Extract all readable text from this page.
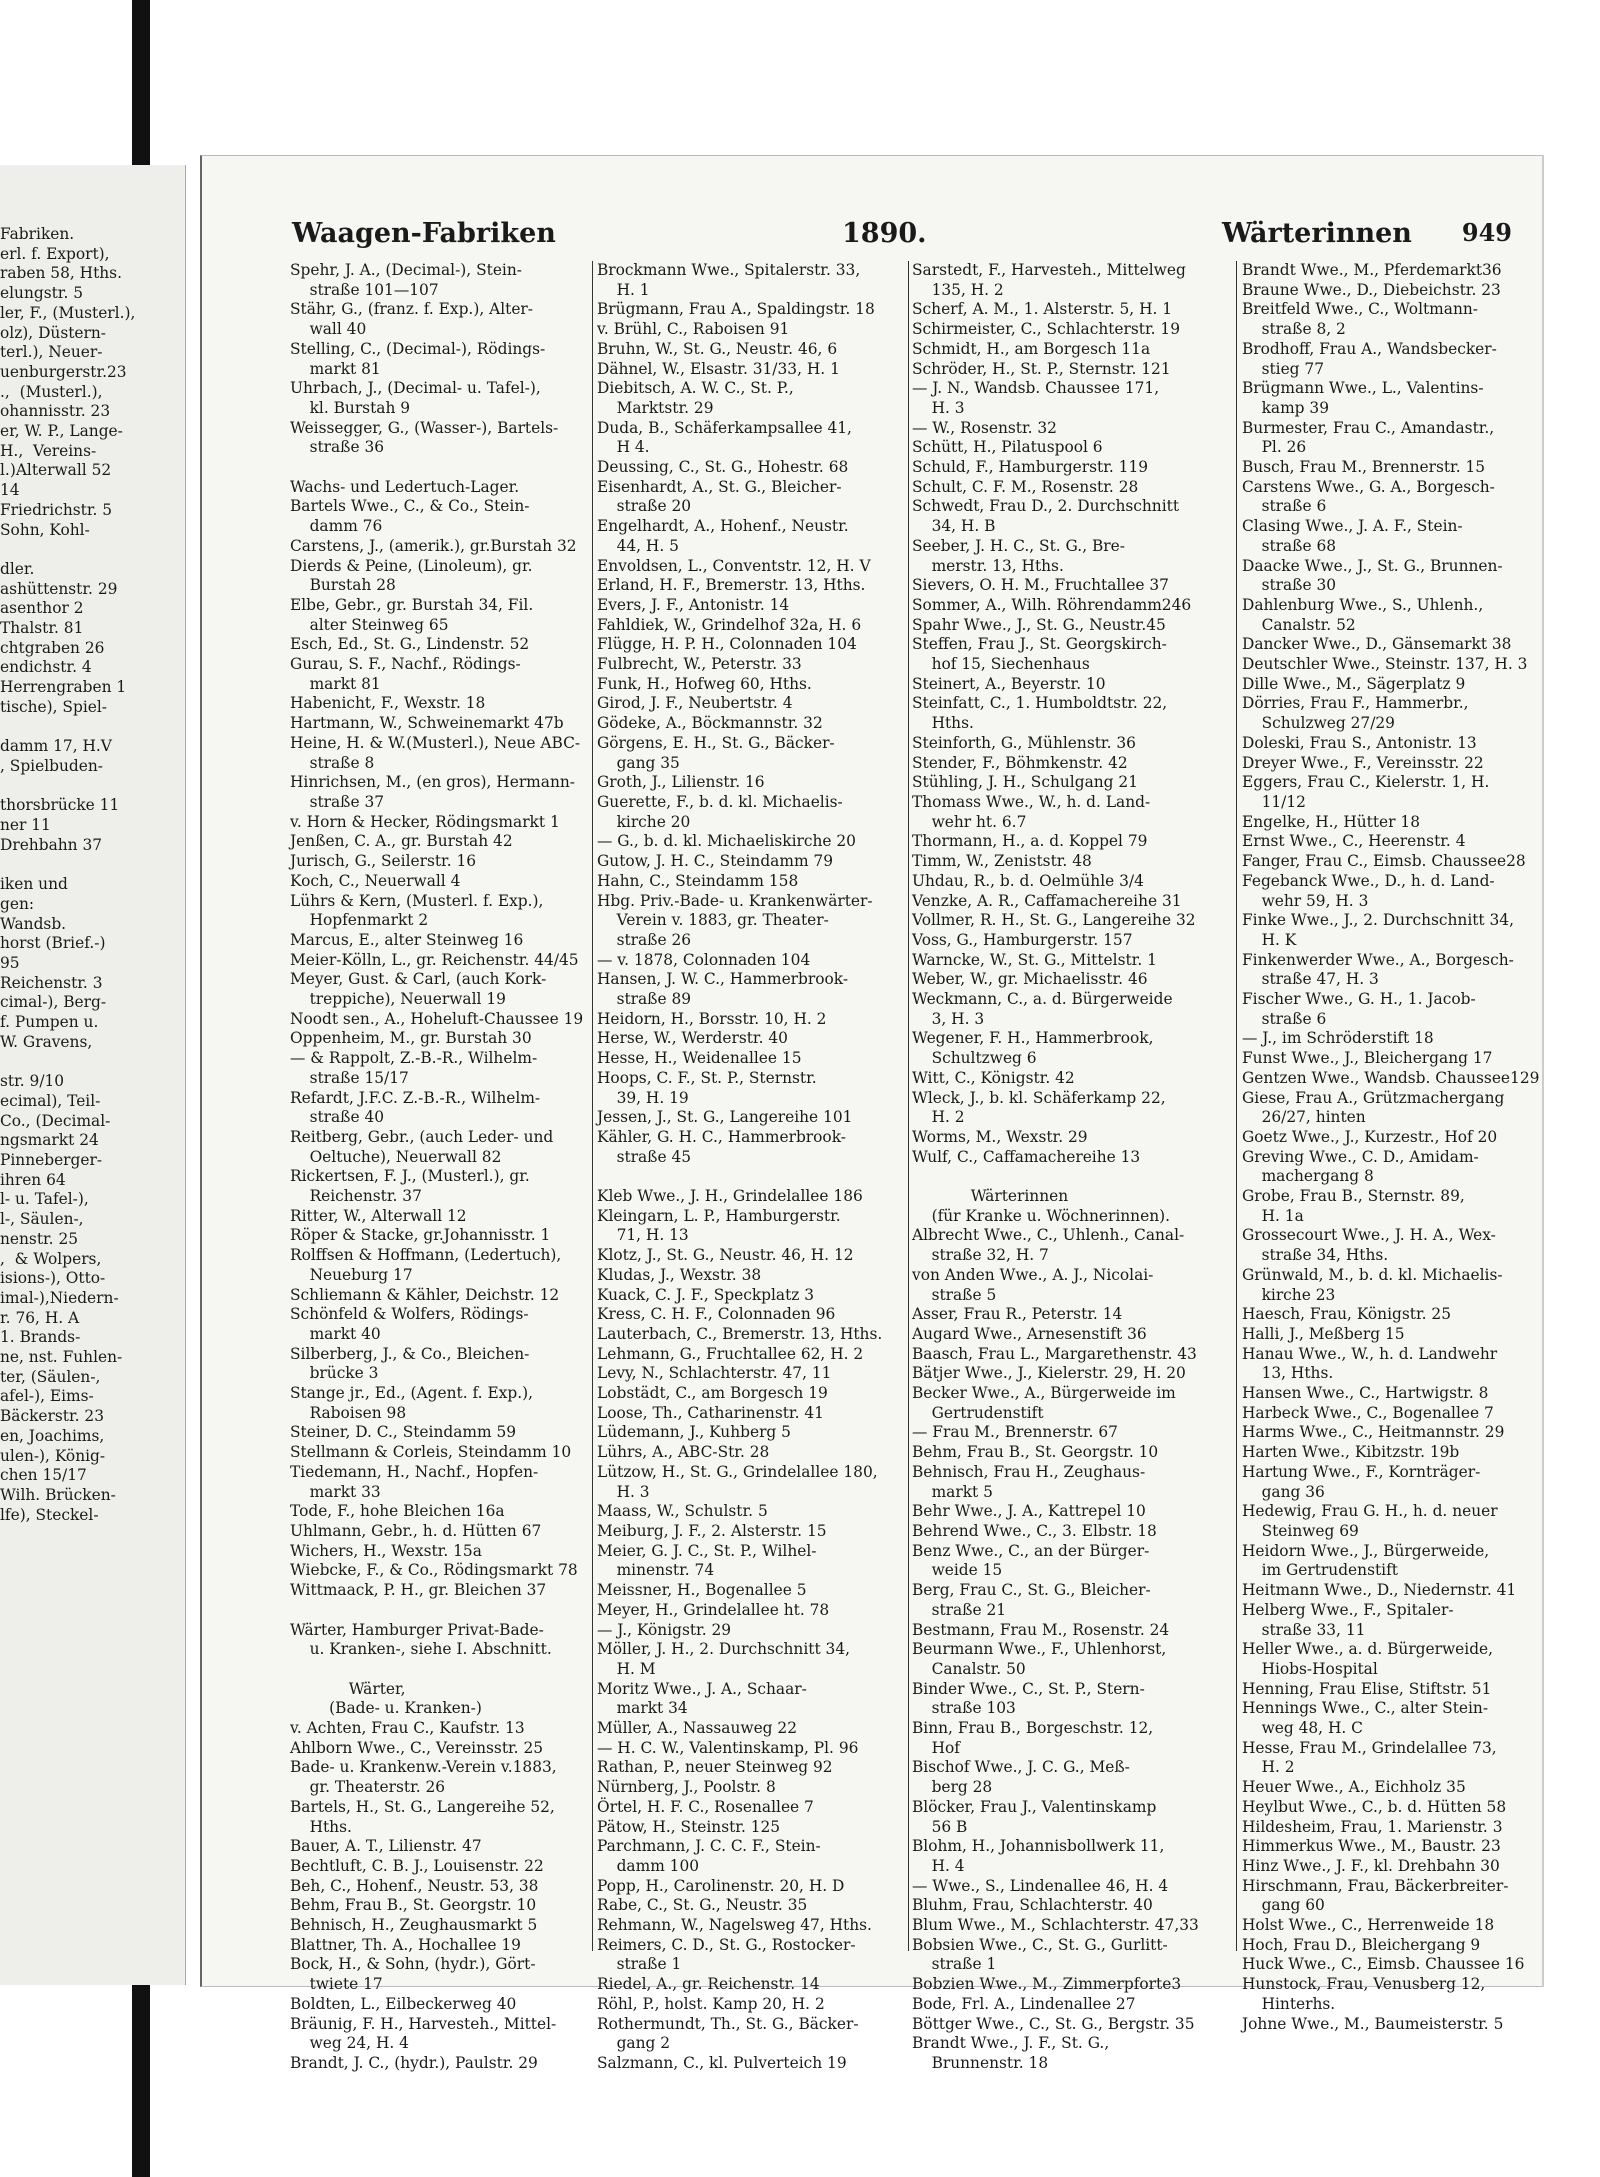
Fabriken.
erl. f. Export),
raben 58, Hths.
elungstr. 5
ler, F., (Musterl.),
olz), Düstern-
terl.), Neuer-
uenburgerstr.23
.,  (Musterl.),
ohannisstr. 23
er, W. P., Lange-
H.,  Vereins-
l.)Alterwall 52
14
Friedrichstr. 5
Sohn, Kohl-

dler.
ashüttenstr. 29
asenthor 2
Thalstr. 81
chtgraben 26
endichstr. 4
Herrengraben 1
tische), Spiel-

damm 17, H.V
, Spielbuden-

thorsbrücke 11
ner 11
Drehbahn 37

iken und
gen:
Wandsb.
horst (Brief.-)
95
Reichenstr. 3
cimal-), Berg-
f. Pumpen u.
W. Gravens,

str. 9/10
ecimal), Teil-
Co., (Decimal-
ngsmarkt 24
Pinneberger-
ihren 64
l- u. Tafel-),
l-, Säulen-,
nenstr. 25
,  & Wolpers,
isions-), Otto-
imal-),Niedern-
r. 76, H. A
1. Brands-
ne, nst. Fuhlen-
ter, (Säulen-,
afel-), Eims-
Bäckerstr. 23
en, Joachims,
ulen-), König-
chen 15/17
Wilh. Brücken-
lfe), Steckel-
Waagen-Fabriken	1890.	Wärterinnen 949
Spehr, J. A., (Decimal-), Stein-
straße 101—107
Stähr, G., (franz. f. Exp.), Alter-
wall 40
Stelling, C., (Decimal-), Rödings-
markt 81
Uhrbach, J., (Decimal- u. Tafel-),
kl. Burstah 9
Weissegger, G., (Wasser-), Bartels-
straße 36

Wachs- und Ledertuch-Lager.
Bartels Wwe., C., & Co., Stein-
damm 76
Carstens, J., (amerik.), gr.Burstah 32
Dierds & Peine, (Linoleum), gr.
Burstah 28
Elbe, Gebr., gr. Burstah 34, Fil.
alter Steinweg 65
Esch, Ed., St. G., Lindenstr. 52
Gurau, S. F., Nachf., Rödings-
markt 81
Habenicht, F., Wexstr. 18
Hartmann, W., Schweinemarkt 47b
Heine, H. & W.(Musterl.), Neue ABC-
straße 8
Hinrichsen, M., (en gros), Hermann-
straße 37
v. Horn & Hecker, Rödingsmarkt 1
Jenßen, C. A., gr. Burstah 42
Jurisch, G., Seilerstr. 16
Koch, C., Neuerwall 4
Lührs & Kern, (Musterl. f. Exp.),
Hopfenmarkt 2
Marcus, E., alter Steinweg 16
Meier-Kölln, L., gr. Reichenstr. 44/45
Meyer, Gust. & Carl, (auch Kork-
treppiche), Neuerwall 19
Noodt sen., A., Hoheluft-Chaussee 19
Oppenheim, M., gr. Burstah 30
— & Rappolt, Z.-B.-R., Wilhelm-
straße 15/17
Refardt, J.F.C. Z.-B.-R., Wilhelm-
straße 40
Reitberg, Gebr., (auch Leder- und
Oeltuche), Neuerwall 82
Rickertsen, F. J., (Musterl.), gr.
Reichenstr. 37
Ritter, W., Alterwall 12
Röper & Stacke, gr.Johannisstr. 1
Rolffsen & Hoffmann, (Ledertuch),
Neueburg 17
Schliemann & Kähler, Deichstr. 12
Schönfeld & Wolfers, Rödings-
markt 40
Silberberg, J., & Co., Bleichen-
brücke 3
Stange jr., Ed., (Agent. f. Exp.),
Raboisen 98
Steiner, D. C., Steindamm 59
Stellmann & Corleis, Steindamm 10
Tiedemann, H., Nachf., Hopfen-
markt 33
Tode, F., hohe Bleichen 16a
Uhlmann, Gebr., h. d. Hütten 67
Wichers, H., Wexstr. 15a
Wiebcke, F., & Co., Rödingsmarkt 78
Wittmaack, P. H., gr. Bleichen 37

Wärter, Hamburger Privat-Bade-
u. Kranken-, siehe I. Abschnitt.

Wärter,
(Bade- u. Kranken-)
v. Achten, Frau C., Kaufstr. 13
Ahlborn Wwe., C., Vereinsstr. 25
Bade- u. Krankenw.-Verein v.1883,
gr. Theaterstr. 26
Bartels, H., St. G., Langereihe 52,
Hths.
Bauer, A. T., Lilienstr. 47
Bechtluft, C. B. J., Louisenstr. 22
Beh, C., Hohenf., Neustr. 53, 38
Behm, Frau B., St. Georgstr. 10
Behnisch, H., Zeughausmarkt 5
Blattner, Th. A., Hochallee 19
Bock, H., & Sohn, (hydr.), Gört-
twiete 17
Boldten, L., Eilbeckerweg 40
Bräunig, F. H., Harvesteh., Mittel-
weg 24, H. 4
Brandt, J. C., (hydr.), Paulstr. 29
Brockmann Wwe., Spitalerstr. 33,
H. 1
Brügmann, Frau A., Spaldingstr. 18
v. Brühl, C., Raboisen 91
Bruhn, W., St. G., Neustr. 46, 6
Dähnel, W., Elsastr. 31/33, H. 1
Diebitsch, A. W. C., St. P.,
Marktstr. 29
Duda, B., Schäferkampsallee 41,
H 4.
Deussing, C., St. G., Hohestr. 68
Eisenhardt, A., St. G., Bleicher-
straße 20
Engelhardt, A., Hohenf., Neustr.
44, H. 5
Envoldsen, L., Conventstr. 12, H. V
Erland, H. F., Bremerstr. 13, Hths.
Evers, J. F., Antonistr. 14
Fahldiek, W., Grindelhof 32a, H. 6
Flügge, H. P. H., Colonnaden 104
Fulbrecht, W., Peterstr. 33
Funk, H., Hofweg 60, Hths.
Girod, J. F., Neubertstr. 4
Gödeke, A., Böckmannstr. 32
Görgens, E. H., St. G., Bäcker-
gang 35
Groth, J., Lilienstr. 16
Guerette, F., b. d. kl. Michaelis-
kirche 20
— G., b. d. kl. Michaeliskirche 20
Gutow, J. H. C., Steindamm 79
Hahn, C., Steindamm 158
Hbg. Priv.-Bade- u. Krankenwärter-
Verein v. 1883, gr. Theater-
straße 26
— v. 1878, Colonnaden 104
Hansen, J. W. C., Hammerbrook-
straße 89
Heidorn, H., Borsstr. 10, H. 2
Herse, W., Werderstr. 40
Hesse, H., Weidenallee 15
Hoops, C. F., St. P., Sternstr.
39, H. 19
Jessen, J., St. G., Langereihe 101
Kähler, G. H. C., Hammerbrook-
straße 45

Kleb Wwe., J. H., Grindelallee 186
Kleingarn, L. P., Hamburgerstr.
71, H. 13
Klotz, J., St. G., Neustr. 46, H. 12
Kludas, J., Wexstr. 38
Kuack, C. J. F., Speckplatz 3
Kress, C. H. F., Colonnaden 96
Lauterbach, C., Bremerstr. 13, Hths.
Lehmann, G., Fruchtallee 62, H. 2
Levy, N., Schlachterstr. 47, 11
Lobstädt, C., am Borgesch 19
Loose, Th., Catharinenstr. 41
Lüdemann, J., Kuhberg 5
Lührs, A., ABC-Str. 28
Lützow, H., St. G., Grindelallee 180,
H. 3
Maass, W., Schulstr. 5
Meiburg, J. F., 2. Alsterstr. 15
Meier, G. J. C., St. P., Wilhel-
minenstr. 74
Meissner, H., Bogenallee 5
Meyer, H., Grindelallee ht. 78
— J., Königstr. 29
Möller, J. H., 2. Durchschnitt 34,
H. M
Moritz Wwe., J. A., Schaar-
markt 34
Müller, A., Nassauweg 22
— H. C. W., Valentinskamp, Pl. 96
Rathan, P., neuer Steinweg 92
Nürnberg, J., Poolstr. 8
Örtel, H. F. C., Rosenallee 7
Pätow, H., Steinstr. 125
Parchmann, J. C. C. F., Stein-
damm 100
Popp, H., Carolinenstr. 20, H. D
Rabe, C., St. G., Neustr. 35
Rehmann, W., Nagelsweg 47, Hths.
Reimers, C. D., St. G., Rostocker-
straße 1
Riedel, A., gr. Reichenstr. 14
Röhl, P., holst. Kamp 20, H. 2
Rothermundt, Th., St. G., Bäcker-
gang 2
Salzmann, C., kl. Pulverteich 19
Sarstedt, F., Harvesteh., Mittelweg
135, H. 2
Scherf, A. M., 1. Alsterstr. 5, H. 1
Schirmeister, C., Schlachterstr. 19
Schmidt, H., am Borgesch 11a
Schröder, H., St. P., Sternstr. 121
— J. N., Wandsb. Chaussee 171,
H. 3
— W., Rosenstr. 32
Schütt, H., Pilatuspool 6
Schuld, F., Hamburgerstr. 119
Schult, C. F. M., Rosenstr. 28
Schwedt, Frau D., 2. Durchschnitt
34, H. B
Seeber, J. H. C., St. G., Bre-
merstr. 13, Hths.
Sievers, O. H. M., Fruchtallee 37
Sommer, A., Wilh. Röhrendamm246
Spahr Wwe., J., St. G., Neustr.45
Steffen, Frau J., St. Georgskirch-
hof 15, Siechenhaus
Steinert, A., Beyerstr. 10
Steinfatt, C., 1. Humboldtstr. 22,
Hths.
Steinforth, G., Mühlenstr. 36
Stender, F., Böhmkenstr. 42
Stühling, J. H., Schulgang 21
Thomass Wwe., W., h. d. Land-
wehr ht. 6.7
Thormann, H., a. d. Koppel 79
Timm, W., Zeniststr. 48
Uhdau, R., b. d. Oelmühle 3/4
Venzke, A. R., Caffamachereihe 31
Vollmer, R. H., St. G., Langereihe 32
Voss, G., Hamburgerstr. 157
Warncke, W., St. G., Mittelstr. 1
Weber, W., gr. Michaelisstr. 46
Weckmann, C., a. d. Bürgerweide
3, H. 3
Wegener, F. H., Hammerbrook,
Schultzweg 6
Witt, C., Königstr. 42
Wleck, J., b. kl. Schäferkamp 22,
H. 2
Worms, M., Wexstr. 29
Wulf, C., Caffamachereihe 13

Wärterinnen
(für Kranke u. Wöchnerinnen).
Albrecht Wwe., C., Uhlenh., Canal-
straße 32, H. 7
von Anden Wwe., A. J., Nicolai-
straße 5
Asser, Frau R., Peterstr. 14
Augard Wwe., Arnesenstift 36
Baasch, Frau L., Margarethenstr. 43
Bätjer Wwe., J., Kielerstr. 29, H. 20
Becker Wwe., A., Bürgerweide im
Gertrudenstift
— Frau M., Brennerstr. 67
Behm, Frau B., St. Georgstr. 10
Behnisch, Frau H., Zeughaus-
markt 5
Behr Wwe., J. A., Kattrepel 10
Behrend Wwe., C., 3. Elbstr. 18
Benz Wwe., C., an der Bürger-
weide 15
Berg, Frau C., St. G., Bleicher-
straße 21
Bestmann, Frau M., Rosenstr. 24
Beurmann Wwe., F., Uhlenhorst,
Canalstr. 50
Binder Wwe., C., St. P., Stern-
straße 103
Binn, Frau B., Borgeschstr. 12,
Hof
Bischof Wwe., J. C. G., Meß-
berg 28
Blöcker, Frau J., Valentinskamp
56 B
Blohm, H., Johannisbollwerk 11,
H. 4
— Wwe., S., Lindenallee 46, H. 4
Bluhm, Frau, Schlachterstr. 40
Blum Wwe., M., Schlachterstr. 47,33
Bobsien Wwe., C., St. G., Gurlitt-
straße 1
Bobzien Wwe., M., Zimmerpforte3
Bode, Frl. A., Lindenallee 27
Böttger Wwe., C., St. G., Bergstr. 35
Brandt Wwe., J. F., St. G.,
Brunnenstr. 18
Brandt Wwe., M., Pferdemarkt36
Braune Wwe., D., Diebeichstr. 23
Breitfeld Wwe., C., Woltmann-
straße 8, 2
Brodhoff, Frau A., Wandsbecker-
stieg 77
Brügmann Wwe., L., Valentins-
kamp 39
Burmester, Frau C., Amandastr.,
Pl. 26
Busch, Frau M., Brennerstr. 15
Carstens Wwe., G. A., Borgesch-
straße 6
Clasing Wwe., J. A. F., Stein-
straße 68
Daacke Wwe., J., St. G., Brunnen-
straße 30
Dahlenburg Wwe., S., Uhlenh.,
Canalstr. 52
Dancker Wwe., D., Gänsemarkt 38
Deutschler Wwe., Steinstr. 137, H. 3
Dille Wwe., M., Sägerplatz 9
Dörries, Frau F., Hammerbr.,
Schulzweg 27/29
Doleski, Frau S., Antonistr. 13
Dreyer Wwe., F., Vereinsstr. 22
Eggers, Frau C., Kielerstr. 1, H.
11/12
Engelke, H., Hütter 18
Ernst Wwe., C., Heerenstr. 4
Fanger, Frau C., Eimsb. Chaussee28
Fegebanck Wwe., D., h. d. Land-
wehr 59, H. 3
Finke Wwe., J., 2. Durchschnitt 34,
H. K
Finkenwerder Wwe., A., Borgesch-
straße 47, H. 3
Fischer Wwe., G. H., 1. Jacob-
straße 6
— J., im Schröderstift 18
Funst Wwe., J., Bleichergang 17
Gentzen Wwe., Wandsb. Chaussee129
Giese, Frau A., Grützmachergang
26/27, hinten
Goetz Wwe., J., Kurzestr., Hof 20
Greving Wwe., C. D., Amidam-
machergang 8
Grobe, Frau B., Sternstr. 89,
H. 1a
Grossecourt Wwe., J. H. A., Wex-
straße 34, Hths.
Grünwald, M., b. d. kl. Michaelis-
kirche 23
Haesch, Frau, Königstr. 25
Halli, J., Meßberg 15
Hanau Wwe., W., h. d. Landwehr
13, Hths.
Hansen Wwe., C., Hartwigstr. 8
Harbeck Wwe., C., Bogenallee 7
Harms Wwe., C., Heitmannstr. 29
Harten Wwe., Kibitzstr. 19b
Hartung Wwe., F., Kornträger-
gang 36
Hedewig, Frau G. H., h. d. neuer
Steinweg 69
Heidorn Wwe., J., Bürgerweide,
im Gertrudenstift
Heitmann Wwe., D., Niedernstr. 41
Helberg Wwe., F., Spitaler-
straße 33, 11
Heller Wwe., a. d. Bürgerweide,
Hiobs-Hospital
Henning, Frau Elise, Stiftstr. 51
Hennings Wwe., C., alter Stein-
weg 48, H. C
Hesse, Frau M., Grindelallee 73,
H. 2
Heuer Wwe., A., Eichholz 35
Heylbut Wwe., C., b. d. Hütten 58
Hildesheim, Frau, 1. Marienstr. 3
Himmerkus Wwe., M., Baustr. 23
Hinz Wwe., J. F., kl. Drehbahn 30
Hirschmann, Frau, Bäckerbreiter-
gang 60
Holst Wwe., C., Herrenweide 18
Hoch, Frau D., Bleichergang 9
Huck Wwe., C., Eimsb. Chaussee 16
Hunstock, Frau, Venusberg 12,
Hinterhs.
Johne Wwe., M., Baumeisterstr. 5
